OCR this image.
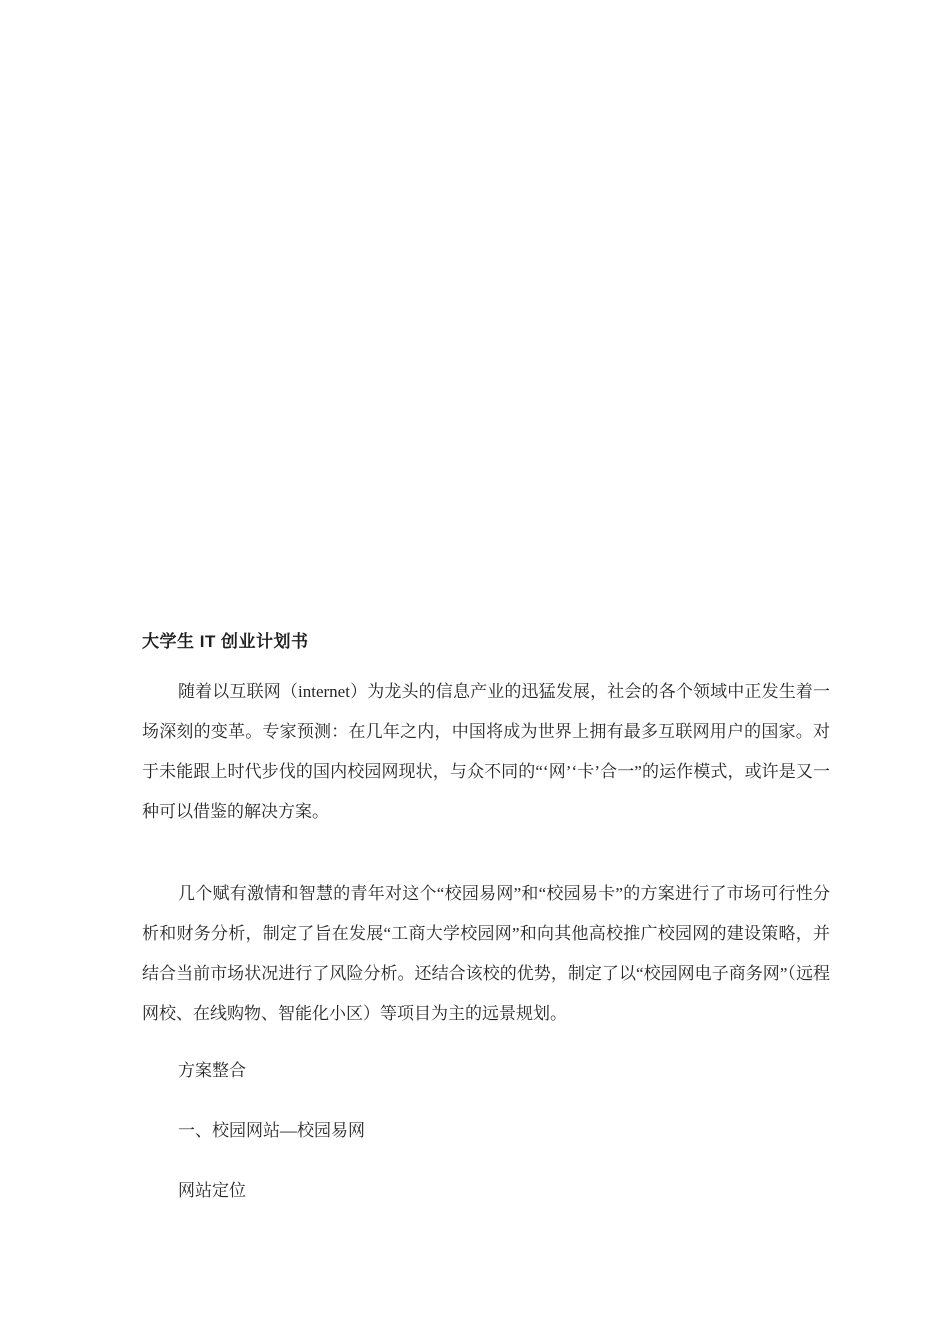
大学生 IT 创业计划书

随着以互联网（internet）为龙头的信息产业的迅猛发展，社会的各个领域中正发生着一场深刻的变革。专家预测：在几年之内，中国将成为世界上拥有最多互联网用户的国家。对于未能跟上时代步伐的国内校园网现状，与众不同的“‘网’‘卡’合一”的运作模式，或许是又一种可以借鉴的解决方案。

几个赋有激情和智慧的青年对这个“校园易网”和“校园易卡”的方案进行了市场可行性分析和财务分析，制定了旨在发展“工商大学校园网”和向其他高校推广校园网的建设策略，并结合当前市场状况进行了风险分析。还结合该校的优势，制定了以“校园网电子商务网”（远程网校、在线购物、智能化小区）等项目为主的远景规划。

方案整合

一、校园网站—校园易网

网站定位
